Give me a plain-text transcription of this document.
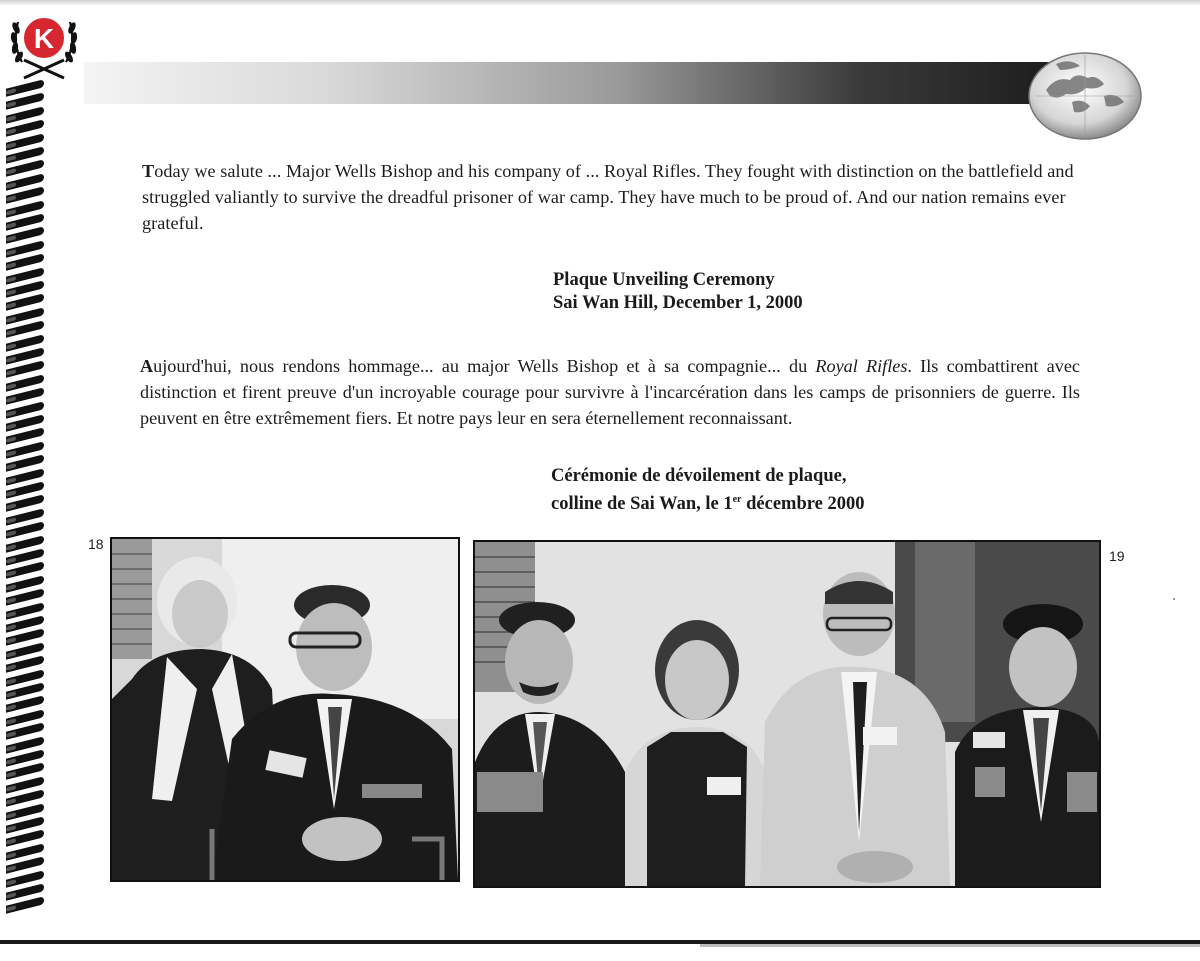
K
Today we salute ... Major Wells Bishop and his company of ... Royal Rifles. They fought with distinction on the battlefield and struggled valiantly to survive the dreadful prisoner of war camp. They have much to be proud of. And our nation remains ever grateful.
Plaque Unveiling Ceremony
Sai Wan Hill, December 1, 2000
Aujourd'hui, nous rendons hommage... au major Wells Bishop et à sa compagnie... du Royal Rifles. Ils combattirent avec distinction et firent preuve d'un incroyable courage pour survivre à l'incarcération dans les camps de prisonniers de guerre. Ils peuvent en être extrêmement fiers. Et notre pays leur en sera éternellement reconnaissant.
Cérémonie de dévoilement de plaque,
colline de Sai Wan, le 1er décembre 2000
18
19
